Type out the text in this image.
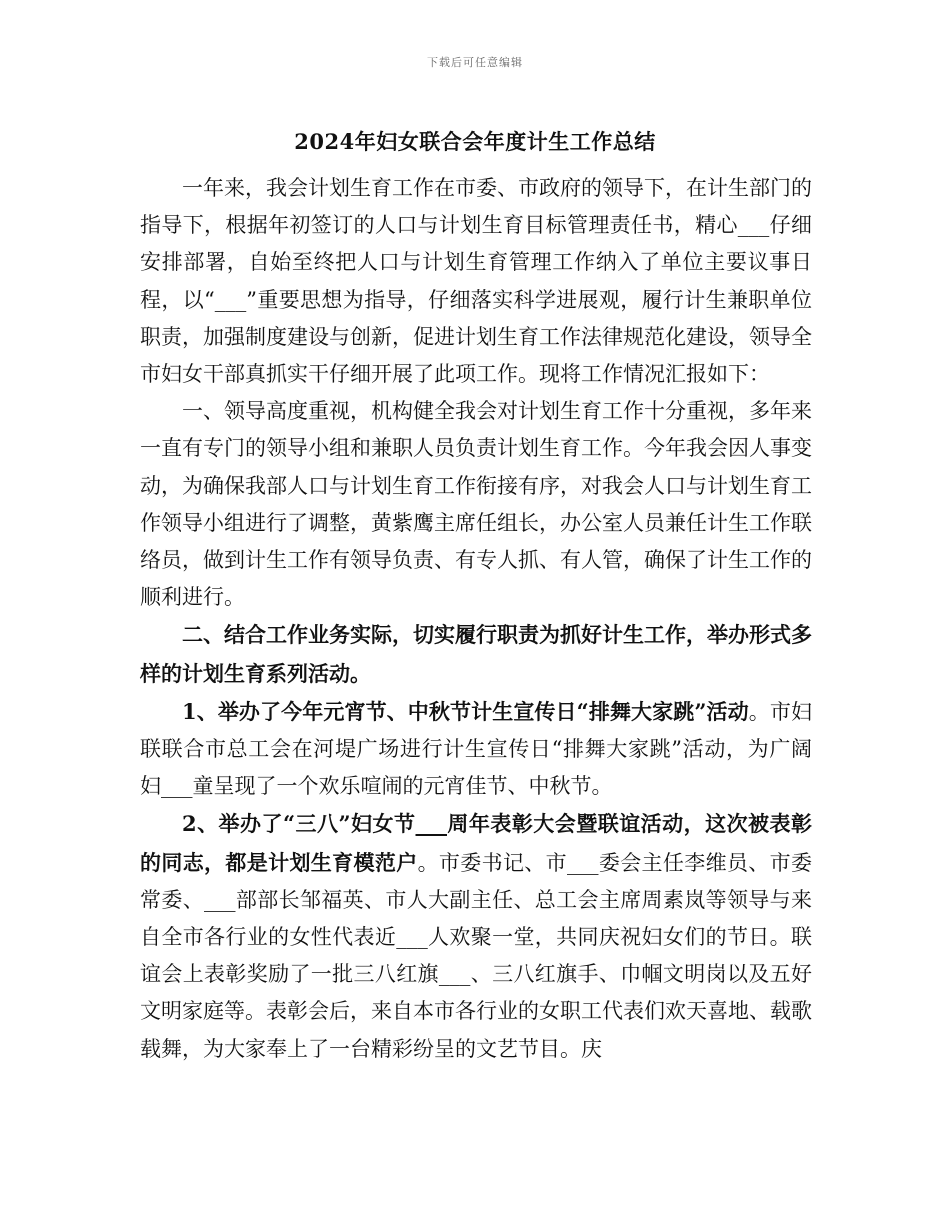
下载后可任意编辑
2024年妇女联合会年度计生工作总结

一年来，我会计划生育工作在市委、市政府的领导下，在计生部门的指导下，根据年初签订的人口与计划生育目标管理责任书，精心___仔细安排部署，自始至终把人口与计划生育管理工作纳入了单位主要议事日程，以“___”重要思想为指导，仔细落实科学进展观，履行计生兼职单位职责，加强制度建设与创新，促进计划生育工作法律规范化建设，领导全市妇女干部真抓实干仔细开展了此项工作。现将工作情况汇报如下：

一、领导高度重视，机构健全我会对计划生育工作十分重视，多年来一直有专门的领导小组和兼职人员负责计划生育工作。今年我会因人事变动，为确保我部人口与计划生育工作衔接有序，对我会人口与计划生育工作领导小组进行了调整，黄紫鹰主席任组长，办公室人员兼任计生工作联络员，做到计生工作有领导负责、有专人抓、有人管，确保了计生工作的顺利进行。

二、结合工作业务实际，切实履行职责为抓好计生工作，举办形式多样的计划生育系列活动。

1、举办了今年元宵节、中秋节计生宣传日“排舞大家跳”活动。市妇联联合市总工会在河堤广场进行计生宣传日“排舞大家跳”活动，为广阔妇___童呈现了一个欢乐喧闹的元宵佳节、中秋节。

2、举办了“三八”妇女节___周年表彰大会暨联谊活动，这次被表彰的同志，都是计划生育模范户。市委书记、市___委会主任李维员、市委常委、___部部长邹福英、市人大副主任、总工会主席周素岚等领导与来自全市各行业的女性代表近___人欢聚一堂，共同庆祝妇女们的节日。联谊会上表彰奖励了一批三八红旗___、三八红旗手、巾帼文明岗以及五好文明家庭等。表彰会后，来自本市各行业的女职工代表们欢天喜地、载歌载舞，为大家奉上了一台精彩纷呈的文艺节目。庆
